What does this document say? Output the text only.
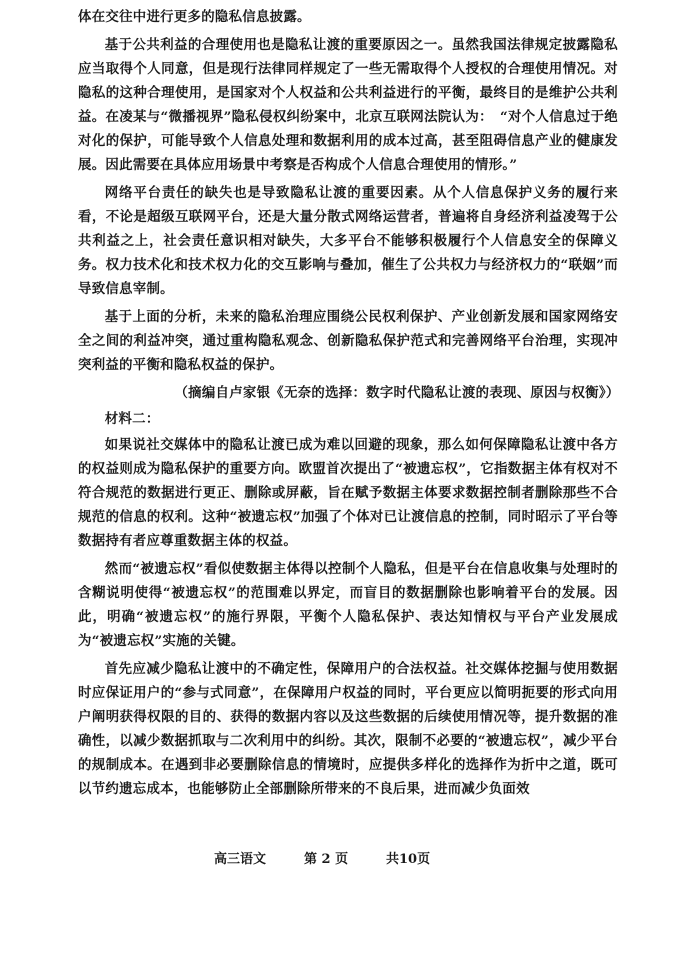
体在交往中进行更多的隐私信息披露。

基于公共利益的合理使用也是隐私让渡的重要原因之一。虽然我国法律规定披露隐私应当取得个人同意，但是现行法律同样规定了一些无需取得个人授权的合理使用情况。对隐私的这种合理使用，是国家对个人权益和公共利益进行的平衡，最终目的是维护公共利益。在凌某与“微播视界”隐私侵权纠纷案中，北京互联网法院认为：　“对个人信息过于绝对化的保护，可能导致个人信息处理和数据利用的成本过高，甚至阻碍信息产业的健康发展。因此需要在具体应用场景中考察是否构成个人信息合理使用的情形。”

网络平台责任的缺失也是导致隐私让渡的重要因素。从个人信息保护义务的履行来看，不论是超级互联网平台，还是大量分散式网络运营者，普遍将自身经济利益凌驾于公共利益之上，社会责任意识相对缺失，大多平台不能够积极履行个人信息安全的保障义务。权力技术化和技术权力化的交互影响与叠加，催生了公共权力与经济权力的“联姻”而导致信息宰制。

基于上面的分析，未来的隐私治理应围绕公民权利保护、产业创新发展和国家网络安全之间的利益冲突，通过重构隐私观念、创新隐私保护范式和完善网络平台治理，实现冲突利益的平衡和隐私权益的保护。

（摘编自卢家银《无奈的选择：数字时代隐私让渡的表现、原因与权衡》）

材料二：

如果说社交媒体中的隐私让渡已成为难以回避的现象，那么如何保障隐私让渡中各方的权益则成为隐私保护的重要方向。欧盟首次提出了“被遗忘权”，它指数据主体有权对不符合规范的数据进行更正、删除或屏蔽，旨在赋予数据主体要求数据控制者删除那些不合规范的信息的权利。这种“被遗忘权”加强了个体对已让渡信息的控制，同时昭示了平台等数据持有者应尊重数据主体的权益。

然而“被遗忘权”看似使数据主体得以控制个人隐私，但是平台在信息收集与处理时的含糊说明使得“被遗忘权”的范围难以界定，而盲目的数据删除也影响着平台的发展。因此，明确“被遗忘权”的施行界限，平衡个人隐私保护、表达知情权与平台产业发展成为“被遗忘权”实施的关键。

首先应减少隐私让渡中的不确定性，保障用户的合法权益。社交媒体挖掘与使用数据时应保证用户的“参与式同意”，在保障用户权益的同时，平台更应以简明扼要的形式向用户阐明获得权限的目的、获得的数据内容以及这些数据的后续使用情况等，提升数据的准确性，以减少数据抓取与二次利用中的纠纷。其次，限制不必要的“被遗忘权”，减少平台的规制成本。在遇到非必要删除信息的情境时，应提供多样化的选择作为折中之道，既可以节约遗忘成本，也能够防止全部删除所带来的不良后果，进而减少负面效

高三语文	第 2 页	共10页
